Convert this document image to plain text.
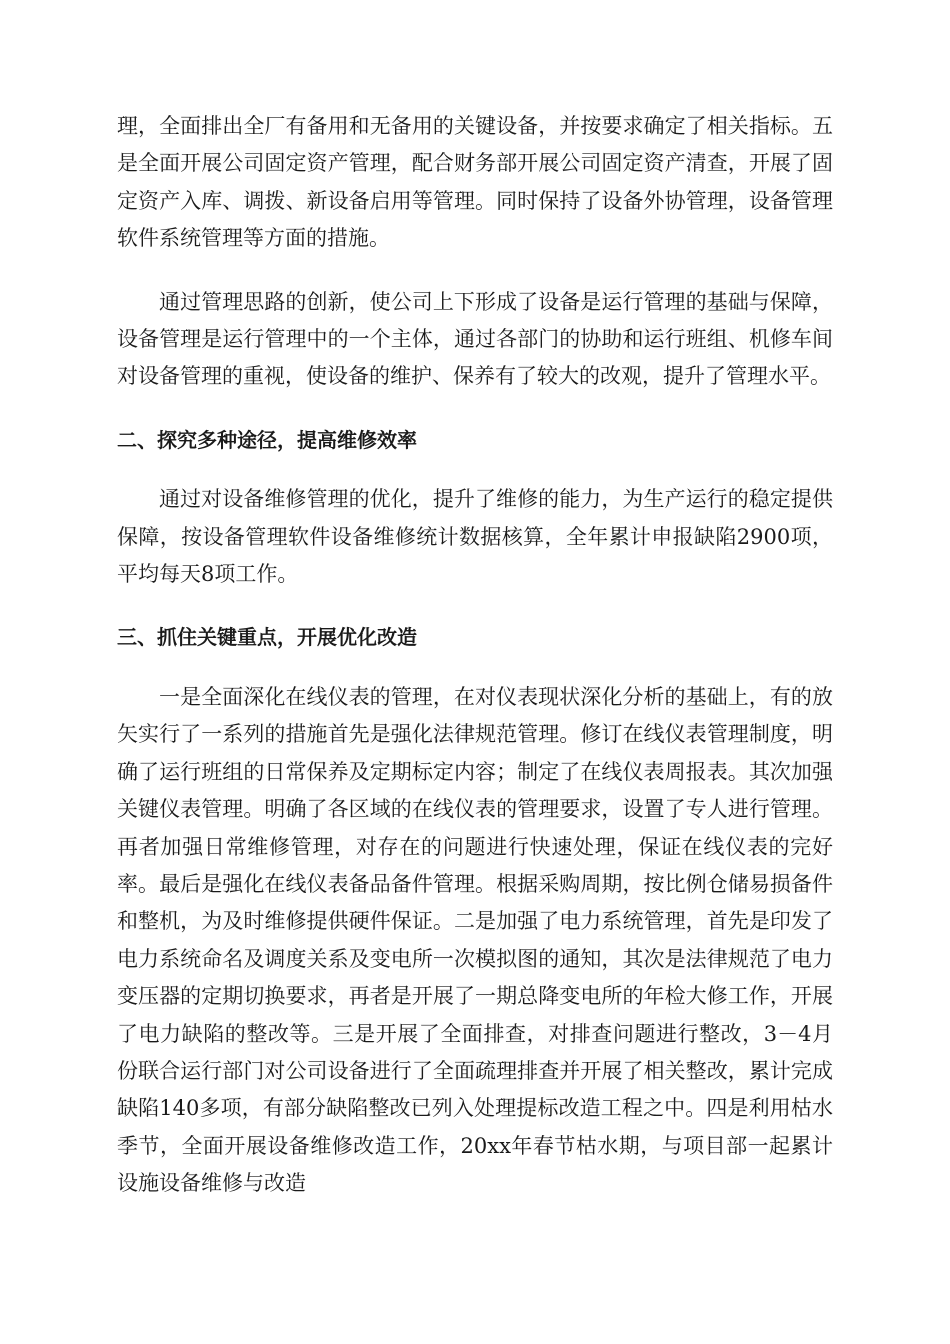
理，全面排出全厂有备用和无备用的关键设备，并按要求确定了相关指标。五是全面开展公司固定资产管理，配合财务部开展公司固定资产清查，开展了固定资产入库、调拨、新设备启用等管理。同时保持了设备外协管理，设备管理软件系统管理等方面的措施。

通过管理思路的创新，使公司上下形成了设备是运行管理的基础与保障，设备管理是运行管理中的一个主体，通过各部门的协助和运行班组、机修车间对设备管理的重视，使设备的维护、保养有了较大的改观，提升了管理水平。

二、探究多种途径，提高维修效率

通过对设备维修管理的优化，提升了维修的能力，为生产运行的稳定提供保障，按设备管理软件设备维修统计数据核算，全年累计申报缺陷2900项，平均每天8项工作。

三、抓住关键重点，开展优化改造

一是全面深化在线仪表的管理，在对仪表现状深化分析的基础上，有的放矢实行了一系列的措施首先是强化法律规范管理。修订在线仪表管理制度，明确了运行班组的日常保养及定期标定内容；制定了在线仪表周报表。其次加强关键仪表管理。明确了各区域的在线仪表的管理要求，设置了专人进行管理。再者加强日常维修管理，对存在的问题进行快速处理，保证在线仪表的完好率。最后是强化在线仪表备品备件管理。根据采购周期，按比例仓储易损备件和整机，为及时维修提供硬件保证。二是加强了电力系统管理，首先是印发了电力系统命名及调度关系及变电所一次模拟图的通知，其次是法律规范了电力变压器的定期切换要求，再者是开展了一期总降变电所的年检大修工作，开展了电力缺陷的整改等。三是开展了全面排查，对排查问题进行整改，3－4月份联合运行部门对公司设备进行了全面疏理排查并开展了相关整改，累计完成缺陷140多项，有部分缺陷整改已列入处理提标改造工程之中。四是利用枯水季节，全面开展设备维修改造工作，20xx年春节枯水期，与项目部一起累计设施设备维修与改造
